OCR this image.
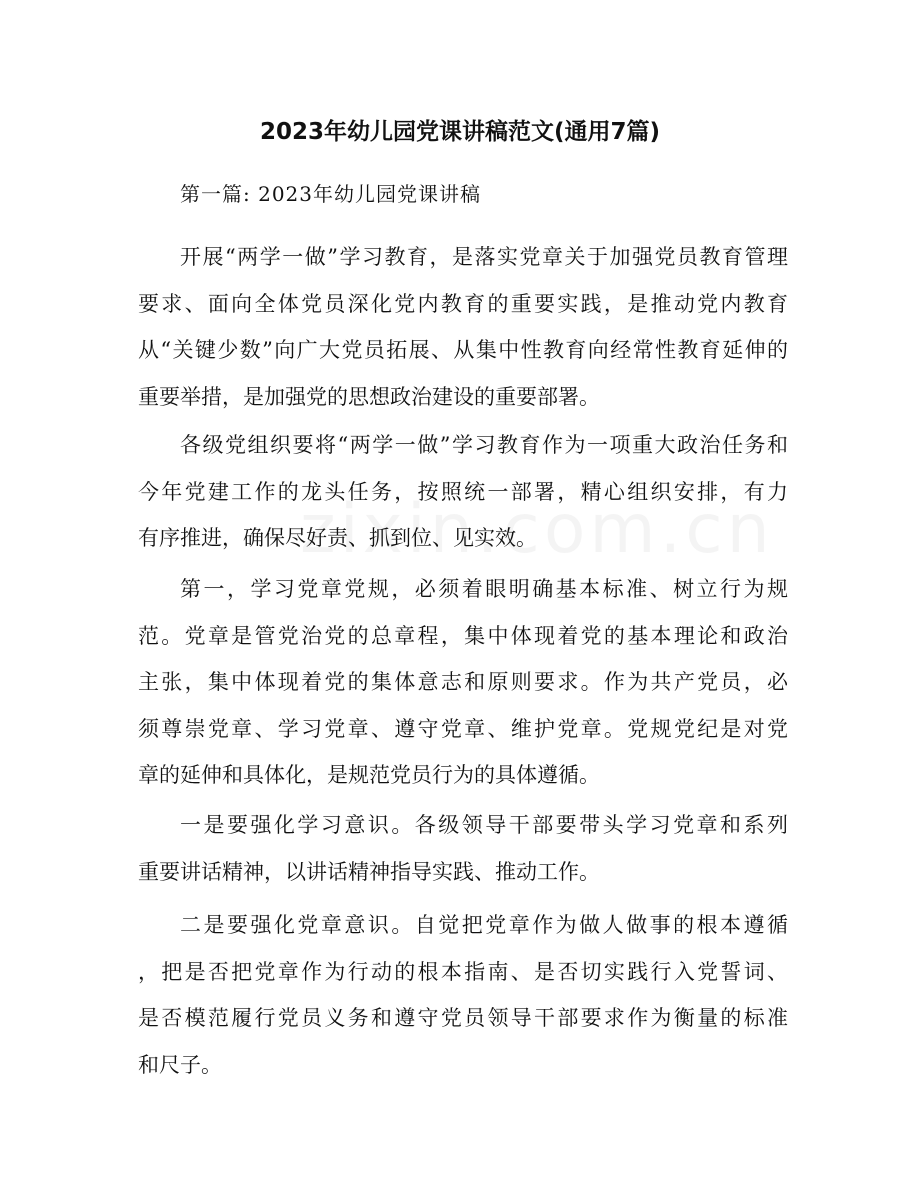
2023年幼儿园党课讲稿范文(通用7篇)

第一篇: 2023年幼儿园党课讲稿

开展“两学一做”学习教育，是落实党章关于加强党员教育管理
要求、面向全体党员深化党内教育的重要实践，是推动党内教育
从“关键少数”向广大党员拓展、从集中性教育向经常性教育延伸的
重要举措，是加强党的思想政治建设的重要部署。

各级党组织要将“两学一做”学习教育作为一项重大政治任务和
今年党建工作的龙头任务，按照统一部署，精心组织安排，有力
有序推进，确保尽好责、抓到位、见实效。

第一，学习党章党规，必须着眼明确基本标准、树立行为规
范。党章是管党治党的总章程，集中体现着党的基本理论和政治
主张，集中体现着党的集体意志和原则要求。作为共产党员，必
须尊崇党章、学习党章、遵守党章、维护党章。党规党纪是对党
章的延伸和具体化，是规范党员行为的具体遵循。

一是要强化学习意识。各级领导干部要带头学习党章和系列
重要讲话精神，以讲话精神指导实践、推动工作。

二是要强化党章意识。自觉把党章作为做人做事的根本遵循
，把是否把党章作为行动的根本指南、是否切实践行入党誓词、
是否模范履行党员义务和遵守党员领导干部要求作为衡量的标准
和尺子。
